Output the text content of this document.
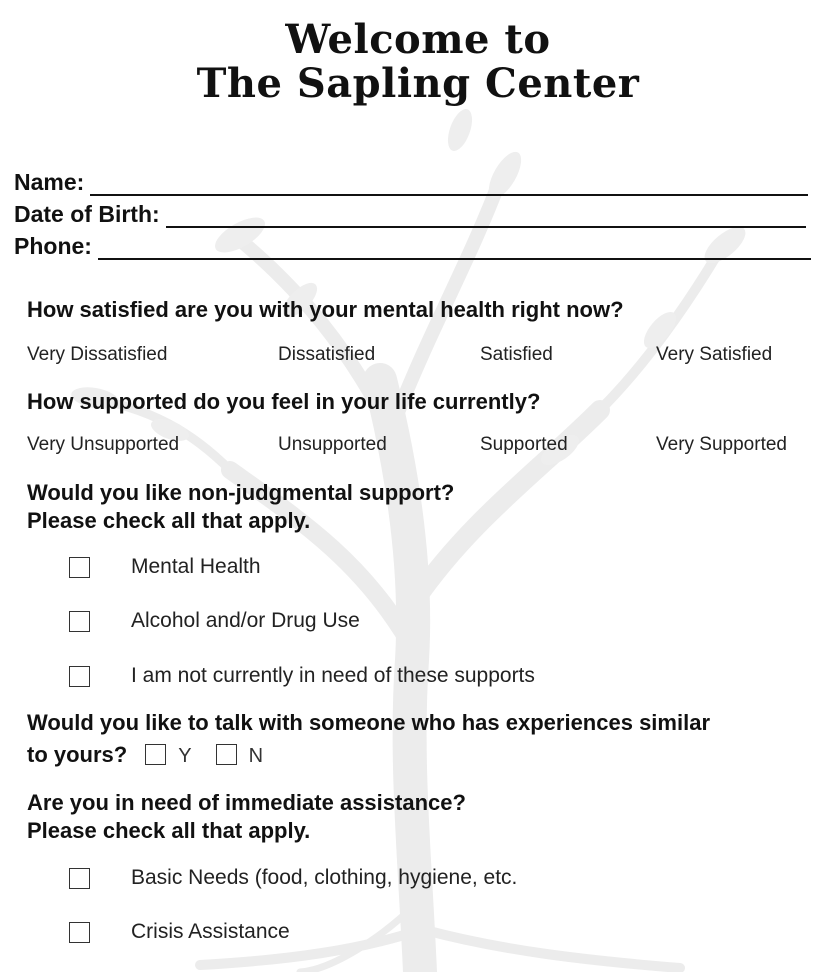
Welcome to
The Sapling Center
Name:
Date of Birth:
Phone:
How satisfied are you with your mental health right now?
Very Dissatisfied	Dissatisfied	Satisfied	Very Satisfied
How supported do you feel in your life currently?
Very Unsupported	Unsupported	Supported	Very Supported
Would you like non-judgmental support?
Please check all that apply.
Mental Health
Alcohol and/or Drug Use
I am not currently in need of these supports
Would you like to talk with someone who has experiences similar
to yours?	Y	N
Are you in need of immediate assistance?
Please check all that apply.
Basic Needs (food, clothing, hygiene, etc.
Crisis Assistance
